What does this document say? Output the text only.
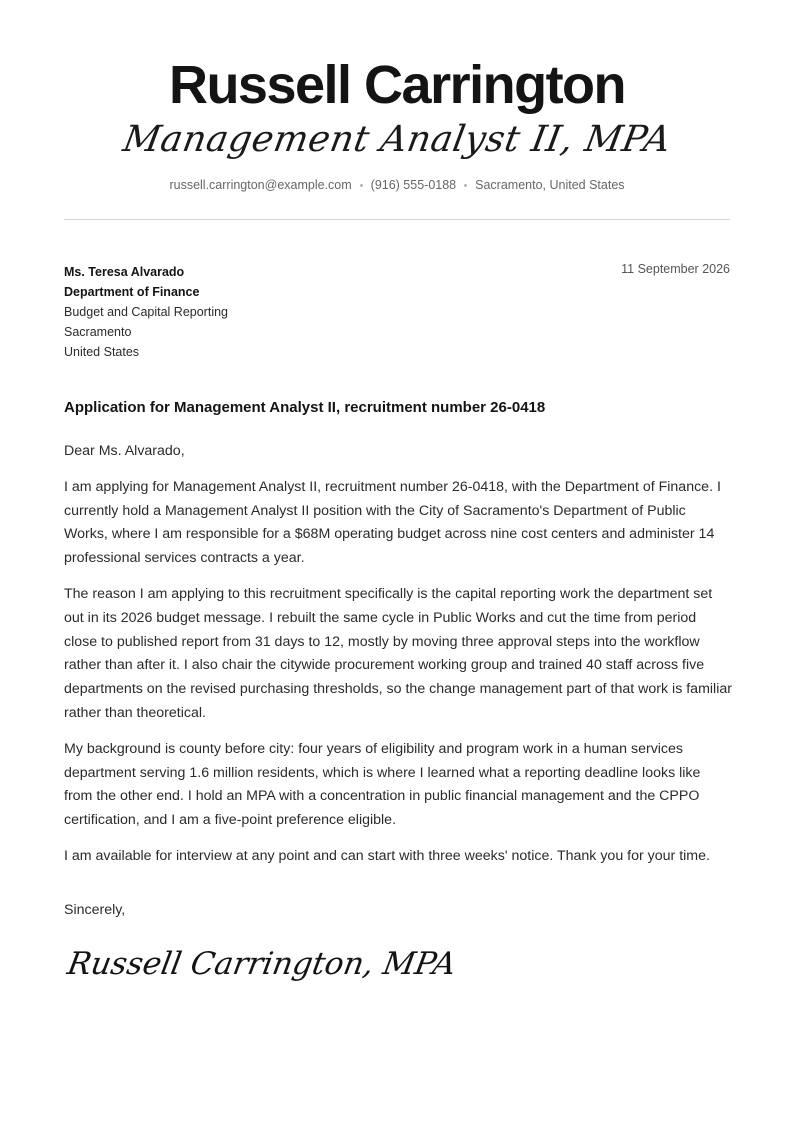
Russell Carrington
Management Analyst II, MPA
russell.carrington@example.com (916) 555-0188 Sacramento, United States
Ms. Teresa Alvarado
Department of Finance
Budget and Capital Reporting
Sacramento
United States
11 September 2026
Application for Management Analyst II, recruitment number 26-0418

Dear Ms. Alvarado,

I am applying for Management Analyst II, recruitment number 26-0418, with the Department of Finance. I currently hold a Management Analyst II position with the City of Sacramento's Department of Public Works, where I am responsible for a $68M operating budget across nine cost centers and administer 14 professional services contracts a year.

The reason I am applying to this recruitment specifically is the capital reporting work the department set out in its 2026 budget message. I rebuilt the same cycle in Public Works and cut the time from period close to published report from 31 days to 12, mostly by moving three approval steps into the workflow rather than after it. I also chair the citywide procurement working group and trained 40 staff across five departments on the revised purchasing thresholds, so the change management part of that work is familiar rather than theoretical.

My background is county before city: four years of eligibility and program work in a human services department serving 1.6 million residents, which is where I learned what a reporting deadline looks like from the other end. I hold an MPA with a concentration in public financial management and the CPPO certification, and I am a five-point preference eligible.

I am available for interview at any point and can start with three weeks' notice. Thank you for your time.

Sincerely,
Russell Carrington, MPA
